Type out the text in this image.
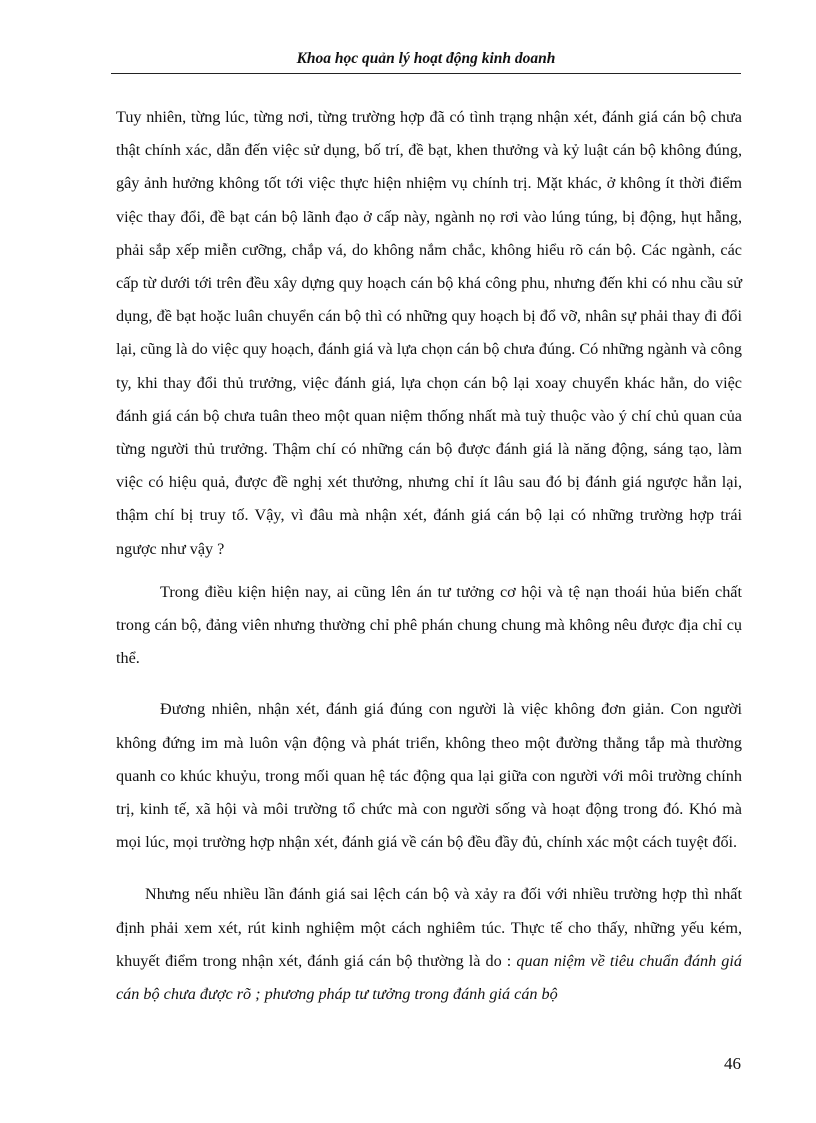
Khoa học quản lý hoạt động kinh doanh

Tuy nhiên, từng lúc, từng nơi, từng trường hợp đã có tình trạng nhận xét, đánh giá cán bộ chưa thật chính xác, dẫn đến việc sử dụng, bố trí, đề bạt, khen thưởng và kỷ luật cán bộ không đúng, gây ảnh hưởng không tốt tới việc thực hiện nhiệm vụ chính trị. Mặt khác, ở không ít thời điểm việc thay đổi, đề bạt cán bộ lãnh đạo ở cấp này, ngành nọ rơi vào lúng túng, bị động, hụt hẫng, phải sắp xếp miễn cưỡng, chắp vá, do không nắm chắc, không hiểu rõ cán bộ. Các ngành, các cấp từ dưới tới trên đều xây dựng quy hoạch cán bộ khá công phu, nhưng đến khi có nhu cầu sử dụng, đề bạt hoặc luân chuyển cán bộ thì có những quy hoạch bị đổ vỡ, nhân sự phải thay đi đổi lại, cũng là do việc quy hoạch, đánh giá và lựa chọn cán bộ chưa đúng. Có những ngành và công ty, khi thay đổi thủ trưởng, việc đánh giá, lựa chọn cán bộ lại xoay chuyển khác hẳn, do việc đánh giá cán bộ chưa tuân theo một quan niệm thống nhất mà tuỳ thuộc vào ý chí chủ quan của từng người thủ trưởng. Thậm chí có những cán bộ được đánh giá là năng động, sáng tạo, làm việc có hiệu quả, được đề nghị xét thưởng, nhưng chỉ ít lâu sau đó bị đánh giá ngược hẳn lại, thậm chí bị truy tố. Vậy, vì đâu mà nhận xét, đánh giá cán bộ lại có những trường hợp trái ngược như vậy ?

Trong điều kiện hiện nay, ai cũng lên án tư tưởng cơ hội và tệ nạn thoái hủa biến chất trong cán bộ, đảng viên nhưng thường chỉ phê phán chung chung mà không nêu được địa chỉ cụ thể.

Đương nhiên, nhận xét, đánh giá đúng con người là việc không đơn giản. Con người không đứng im mà luôn vận động và phát triển, không theo một đường thẳng tắp mà thường quanh co khúc khuỷu, trong mối quan hệ tác động qua lại giữa con người với môi trường chính trị, kinh tế, xã hội và môi trường tổ chức mà con người sống và hoạt động trong đó. Khó mà mọi lúc, mọi trường hợp nhận xét, đánh giá về cán bộ đều đầy đủ, chính xác một cách tuyệt đối.

Nhưng nếu nhiều lần đánh giá sai lệch cán bộ và xảy ra đối với nhiều trường hợp thì nhất định phải xem xét, rút kinh nghiệm một cách nghiêm túc. Thực tế cho thấy, những yếu kém, khuyết điểm trong nhận xét, đánh giá cán bộ thường là do : quan niệm về tiêu chuẩn đánh giá cán bộ chưa được rõ ; phương pháp tư tưởng trong đánh giá cán bộ

46
